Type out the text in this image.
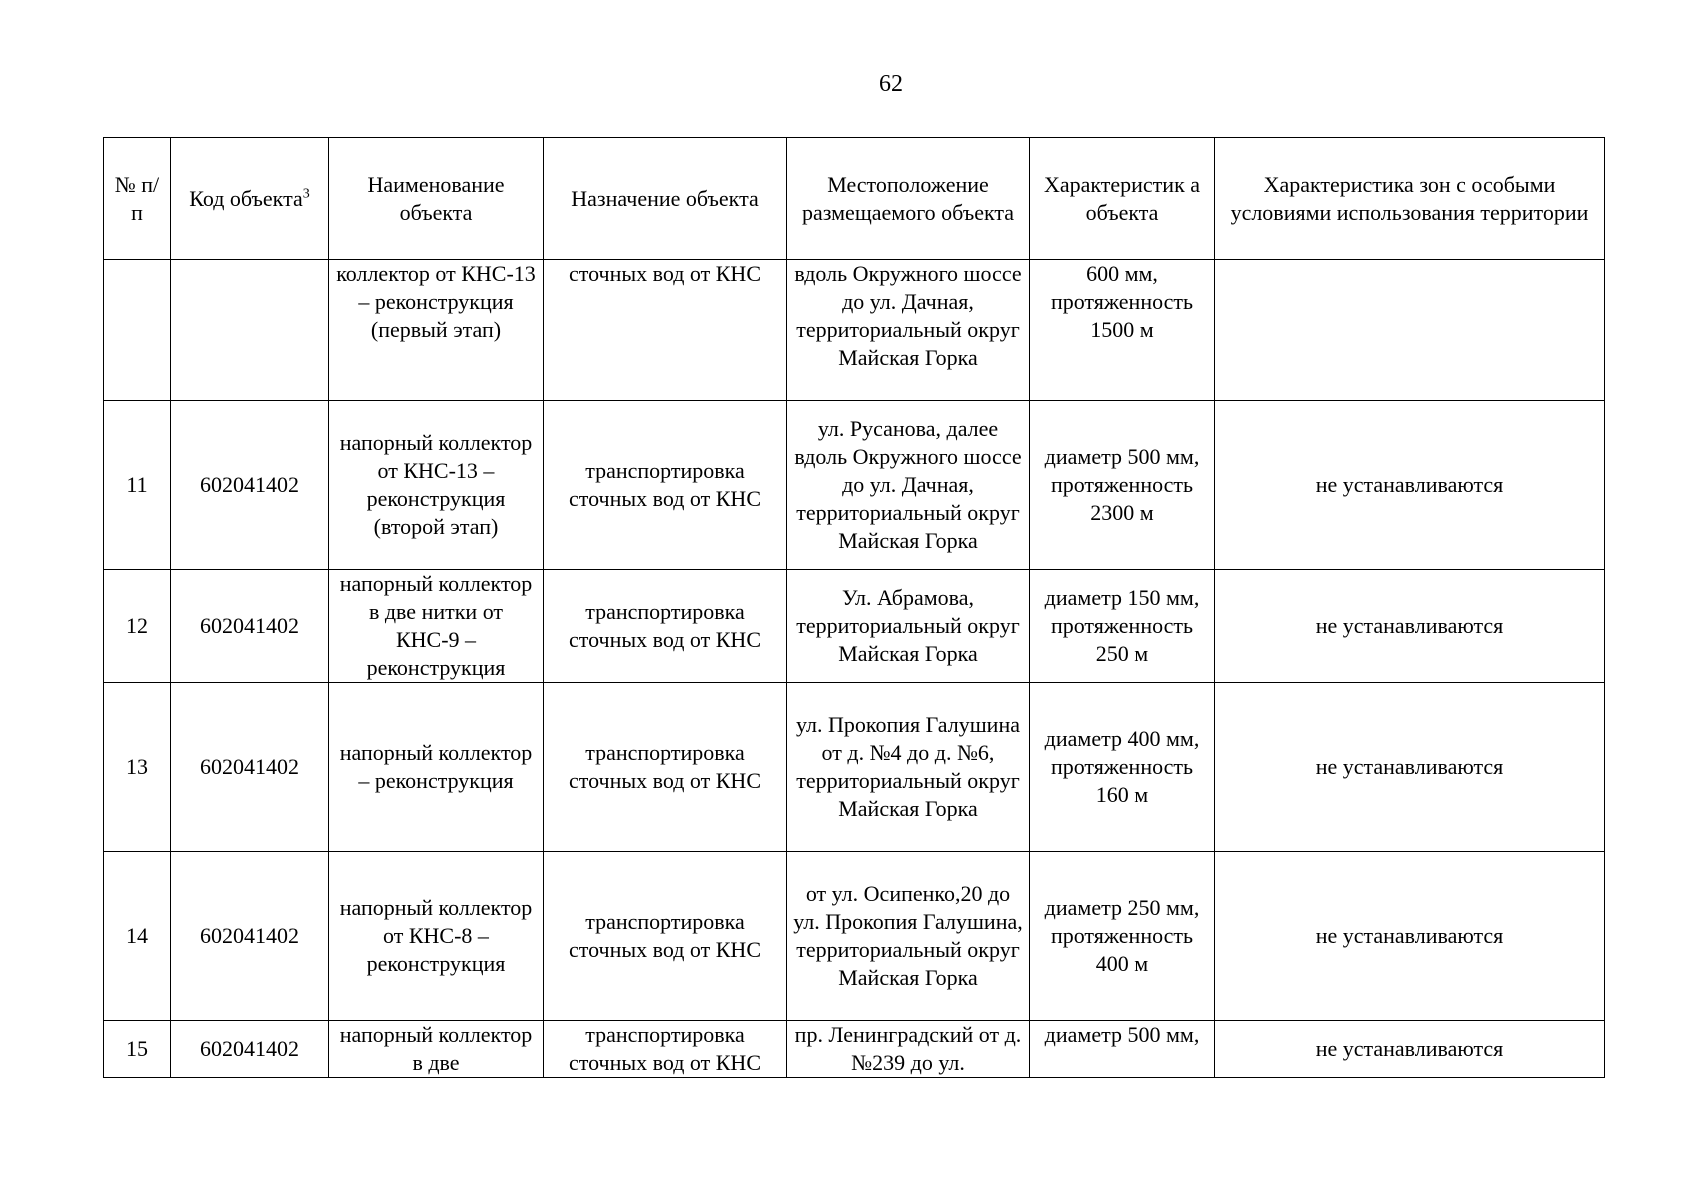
62
№ п/п	Код объекта$^3$	Наименование объекта	Назначение объекта	Местоположение размещаемого объекта	Характеристик а объекта	Характеристика зон с особыми условиями использования территории
		коллектор от КНС-13 – реконструкция (первый этап)	сточных вод от КНС	вдоль Окружного шоссе до ул. Дачная, территориальный округ Майская Горка	600 мм, протяженность 1500 м	
11	602041402	напорный коллектор от КНС-13 – реконструкция (второй этап)	транспортировка сточных вод от КНС	ул. Русанова, далее вдоль Окружного шоссе до ул. Дачная, территориальный округ Майская Горка	диаметр 500 мм, протяженность 2300 м	не устанавливаются
12	602041402	напорный коллектор в две нитки от КНС-9 – реконструкция	транспортировка сточных вод от КНС	Ул. Абрамова, территориальный округ Майская Горка	диаметр 150 мм, протяженность 250 м	не устанавливаются
13	602041402	напорный коллектор – реконструкция	транспортировка сточных вод от КНС	ул. Прокопия Галушина от д. №4 до д. №6, территориальный округ Майская Горка	диаметр 400 мм, протяженность 160 м	не устанавливаются
14	602041402	напорный коллектор от КНС-8 – реконструкция	транспортировка сточных вод от КНС	от ул. Осипенко,20 до ул. Прокопия Галушина, территориальный округ Майская Горка	диаметр 250 мм, протяженность 400 м	не устанавливаются
15	602041402	напорный коллектор в две	транспортировка сточных вод от КНС	пр. Ленинградский от д.№239 до ул.	диаметр 500 мм,	не устанавливаются
